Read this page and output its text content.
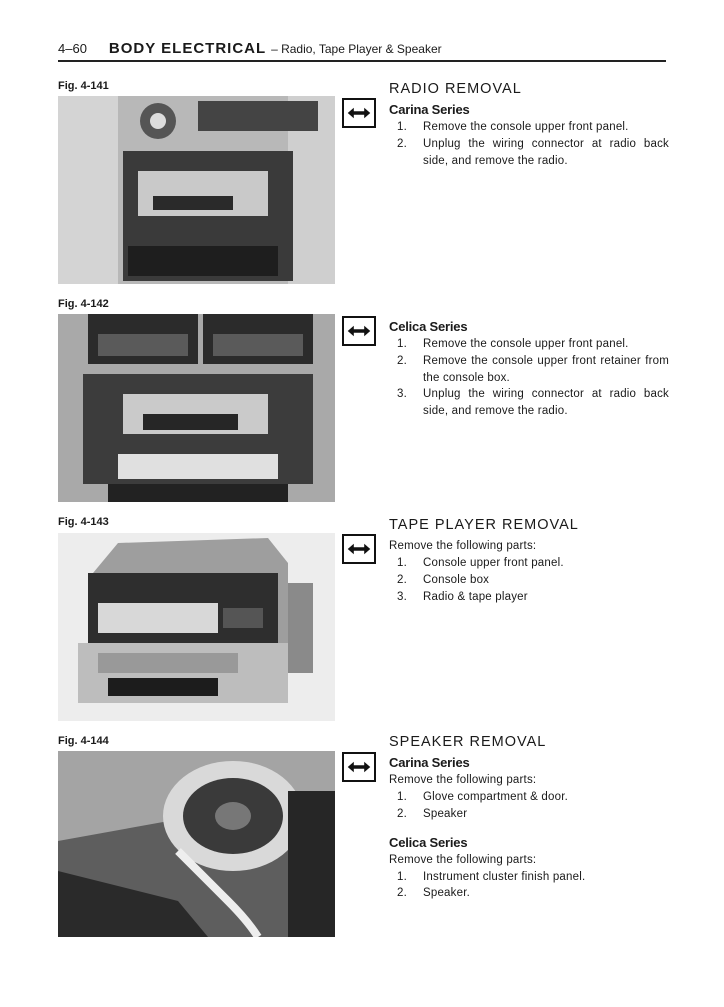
4–60 BODY ELECTRICAL – Radio, Tape Player & Speaker
Fig. 4-141	RADIO REMOVAL
Carina Series
1.	Remove the console upper front panel.
2.	Unplug the wiring connector at radio back side, and remove the radio.
Fig. 4-142
Celica Series
1.	Remove the console upper front panel.
2.	Remove the console upper front retainer from the console box.
3.	Unplug the wiring connector at radio back side, and remove the radio.
Fig. 4-143	TAPE PLAYER REMOVAL
Remove the following parts:
1.	Console upper front panel.
2.	Console box
3.	Radio & tape player
Fig. 4-144	SPEAKER REMOVAL
Carina Series
Remove the following parts:
1.	Glove compartment & door.
2.	Speaker
Celica Series
Remove the following parts:
1.	Instrument cluster finish panel.
2.	Speaker.
